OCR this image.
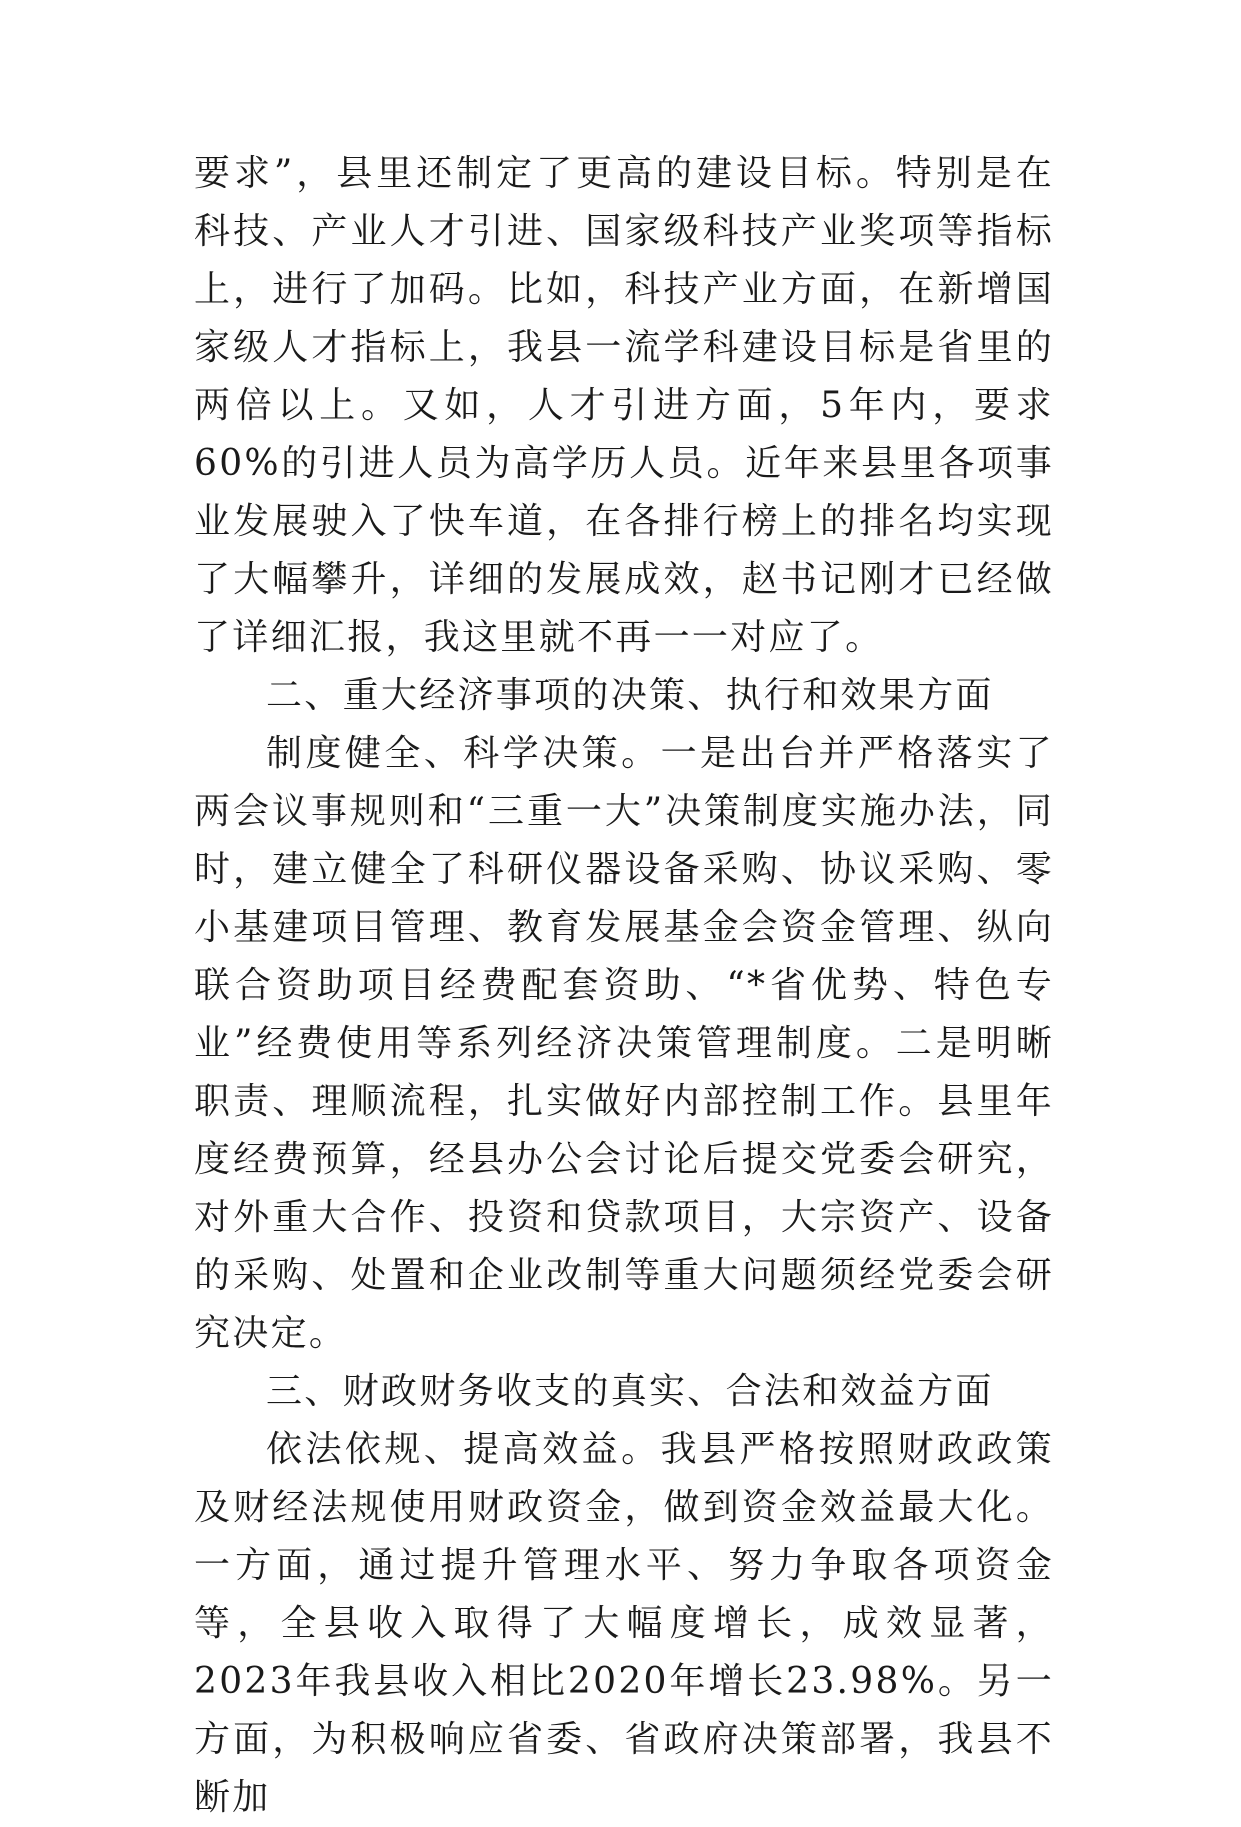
要求”，县里还制定了更高的建设目标。特别是在科技、产业人才引进、国家级科技产业奖项等指标上，进行了加码。比如，科技产业方面，在新增国家级人才指标上，我县一流学科建设目标是省里的两倍以上。又如，人才引进方面，5年内，要求60%的引进人员为高学历人员。近年来县里各项事业发展驶入了快车道，在各排行榜上的排名均实现了大幅攀升，详细的发展成效，赵书记刚才已经做了详细汇报，我这里就不再一一对应了。

二、重大经济事项的决策、执行和效果方面

制度健全、科学决策。一是出台并严格落实了两会议事规则和“三重一大”决策制度实施办法，同时，建立健全了科研仪器设备采购、协议采购、零小基建项目管理、教育发展基金会资金管理、纵向联合资助项目经费配套资助、“*省优势、特色专业”经费使用等系列经济决策管理制度。二是明晰职责、理顺流程，扎实做好内部控制工作。县里年度经费预算，经县办公会讨论后提交党委会研究，对外重大合作、投资和贷款项目，大宗资产、设备的采购、处置和企业改制等重大问题须经党委会研究决定。

三、财政财务收支的真实、合法和效益方面

依法依规、提高效益。我县严格按照财政政策及财经法规使用财政资金，做到资金效益最大化。一方面，通过提升管理水平、努力争取各项资金等，全县收入取得了大幅度增长，成效显著，2023年我县收入相比2020年增长23.98%。另一方面，为积极响应省委、省政府决策部署，我县不断加
